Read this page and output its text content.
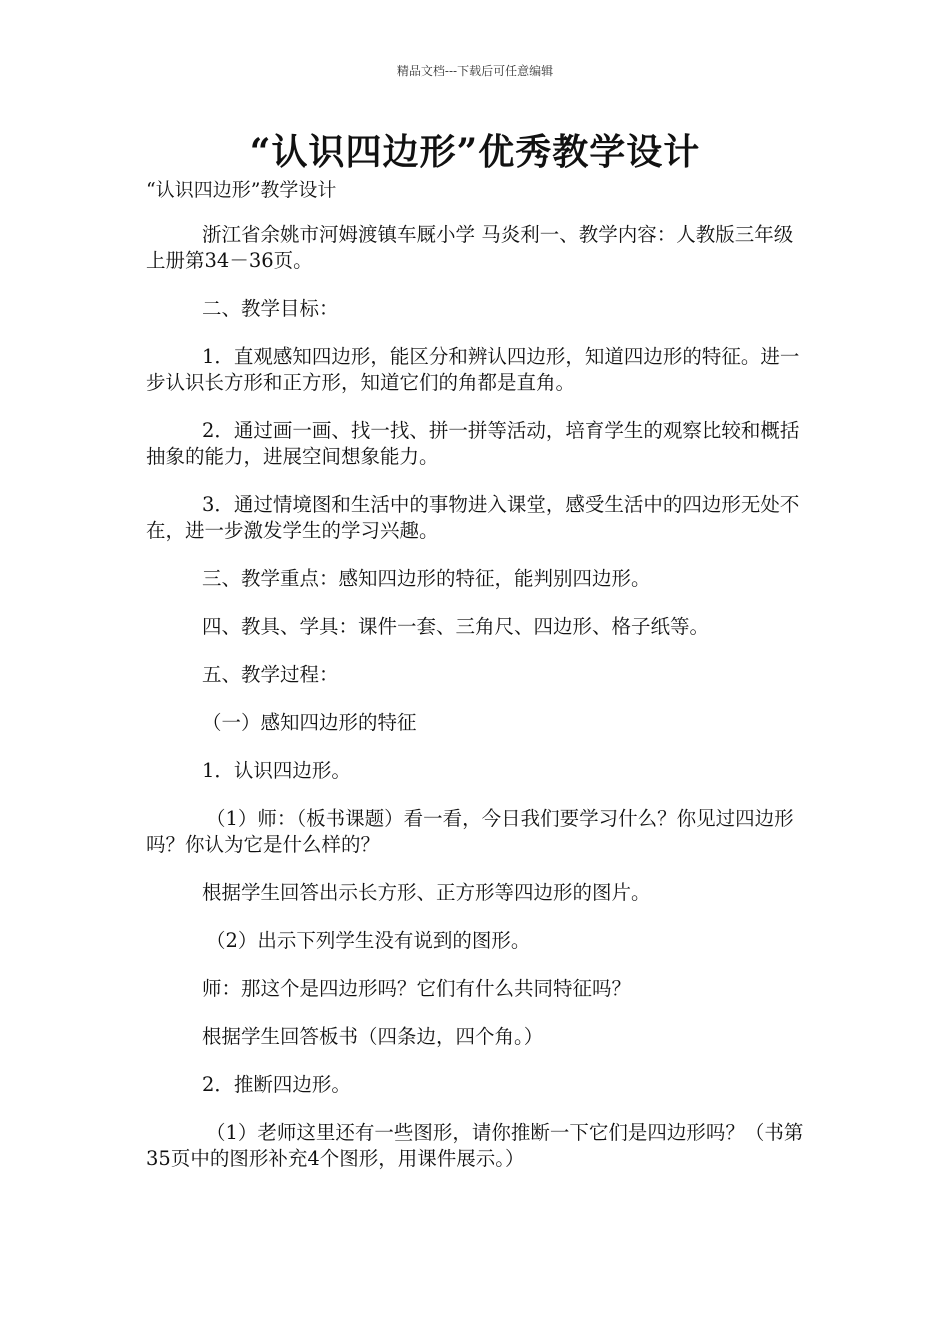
精品文档---下载后可任意编辑
“认识四边形”优秀教学设计
“认识四边形”教学设计

浙江省余姚市河姆渡镇车厩小学 马炎利一、教学内容：人教版三年级上册第34－36页。

二、教学目标：

1．直观感知四边形，能区分和辨认四边形，知道四边形的特征。进一步认识长方形和正方形，知道它们的角都是直角。

2．通过画一画、找一找、拼一拼等活动，培育学生的观察比较和概括抽象的能力，进展空间想象能力。

3．通过情境图和生活中的事物进入课堂，感受生活中的四边形无处不在，进一步激发学生的学习兴趣。

三、教学重点：感知四边形的特征，能判别四边形。

四、教具、学具：课件一套、三角尺、四边形、格子纸等。

五、教学过程：

（一）感知四边形的特征

1．认识四边形。

（1）师：（板书课题）看一看，今日我们要学习什么？你见过四边形吗？你认为它是什么样的？

根据学生回答出示长方形、正方形等四边形的图片。

（2）出示下列学生没有说到的图形。

师：那这个是四边形吗？它们有什么共同特征吗？

根据学生回答板书（四条边，四个角。）

2．推断四边形。

（1）老师这里还有一些图形，请你推断一下它们是四边形吗？（书第35页中的图形补充4个图形，用课件展示。）
